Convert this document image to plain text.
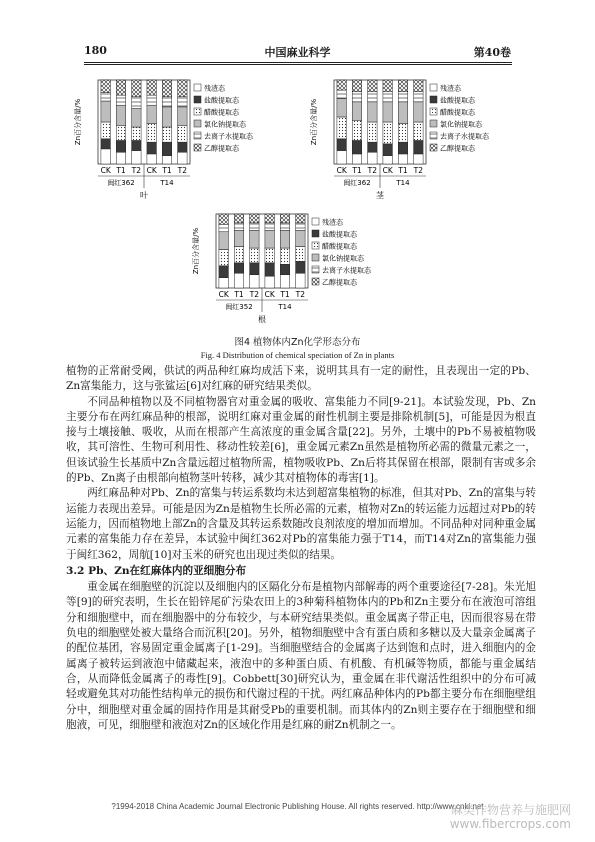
180	中国麻业科学	第40卷
Zn百分含量/%
CK T1 T2 CK T1 T2
闽红362	T14
叶
残渣态
盐酸提取态
醋酸提取态
氯化钠提取态
去离子水提取态
乙醇提取态
Zn百分含量/%
CK T1 T2 CK T1 T2
闽红362	T14
茎
残渣态
盐酸提取态
醋酸提取态
氯化钠提取态
去离子水提取态
乙醇提取态
Zn百分含量/%
CK T1 T2 CK T1 T2
闽红352	T14
根
残渣态
盐酸提取态
醋酸提取态
氯化钠提取态
去离子水提取态
乙醇提取态
图4 植物体内Zn化学形态分布
Fig. 4 Distribution of chemical speciation of Zn in plants

植物的正常耐受阈，供试的两品种红麻均成活下来，说明其具有一定的耐性，且表现出一定的Pb、Zn富集能力，这与张鲨运[6]对红麻的研究结果类似。

不同品种植物以及不同植物器官对重金属的吸收、富集能力不同[9-21]。本试验发现，Pb、Zn主要分布在两红麻品种的根部，说明红麻对重金属的耐性机制主要是排除机制[5]，可能是因为根直接与土壤接触、吸收，从而在根部产生高浓度的重金属含量[22]。另外，土壤中的Pb不易被植物吸收，其可溶性、生物可利用性、移动性较差[6]，重金属元素Zn虽然是植物所必需的微量元素之一，但该试验生长基质中Zn含量远超过植物所需，植物吸收Pb、Zn后将其保留在根部，限制有害或多余的Pb、Zn离子由根部向植物茎叶转移，减少其对植物体的毒害[1]。

两红麻品种对Pb、Zn的富集与转运系数均未达到超富集植物的标准，但其对Pb、Zn的富集与转运能力表现出差异。可能是因为Zn是植物生长所必需的元素，植物对Zn的转运能力远超过对Pb的转运能力，因而植物地上部Zn的含量及其转运系数随改良剂浓度的增加而增加。不同品种对同种重金属元素的富集能力存在差异，本试验中闽红362对Pb的富集能力强于T14，而T14对Zn的富集能力强于闽红362，周航[10]对玉米的研究也出现过类似的结果。

3.2 Pb、Zn在红麻体内的亚细胞分布

重金属在细胞壁的沉淀以及细胞内的区隔化分布是植物内部解毒的两个重要途径[7-28]。朱光旭等[9]的研究表明，生长在铅锌尾矿污染农田上的3种菊科植物体内的Pb和Zn主要分布在液泡可溶组分和细胞壁中，而在细胞器中的分布较少，与本研究结果类似。重金属离子带正电，因而很容易在带负电的细胞壁处被大量络合而沉积[20]。另外，植物细胞壁中含有蛋白质和多糖以及大量亲金属离子的配位基团，容易固定重金属离子[1-29]。当细胞壁结合的金属离子达到饱和点时，进入细胞内的金属离子被转运到液泡中储藏起来，液泡中的多种蛋白质、有机酸、有机碱等物质，都能与重金属结合，从而降低金属离子的毒性[9]。Cobbett[30]研究认为，重金属在非代谢活性组织中的分布可减轻或避免其对功能性结构单元的损伤和代谢过程的干扰。两红麻品种体内的Pb都主要分布在细胞壁组分中，细胞壁对重金属的固持作用是其耐受Pb的重要机制。而其体内的Zn则主要存在于细胞壁和细胞液，可见，细胞壁和液泡对Zn的区域化作用是红麻的耐Zn机制之一。

?1994-2018 China Academic Journal Electronic Publishing House. All rights reserved. http://www.cnki.net
麻类作物营养与施肥网
www.fibercrops.com
